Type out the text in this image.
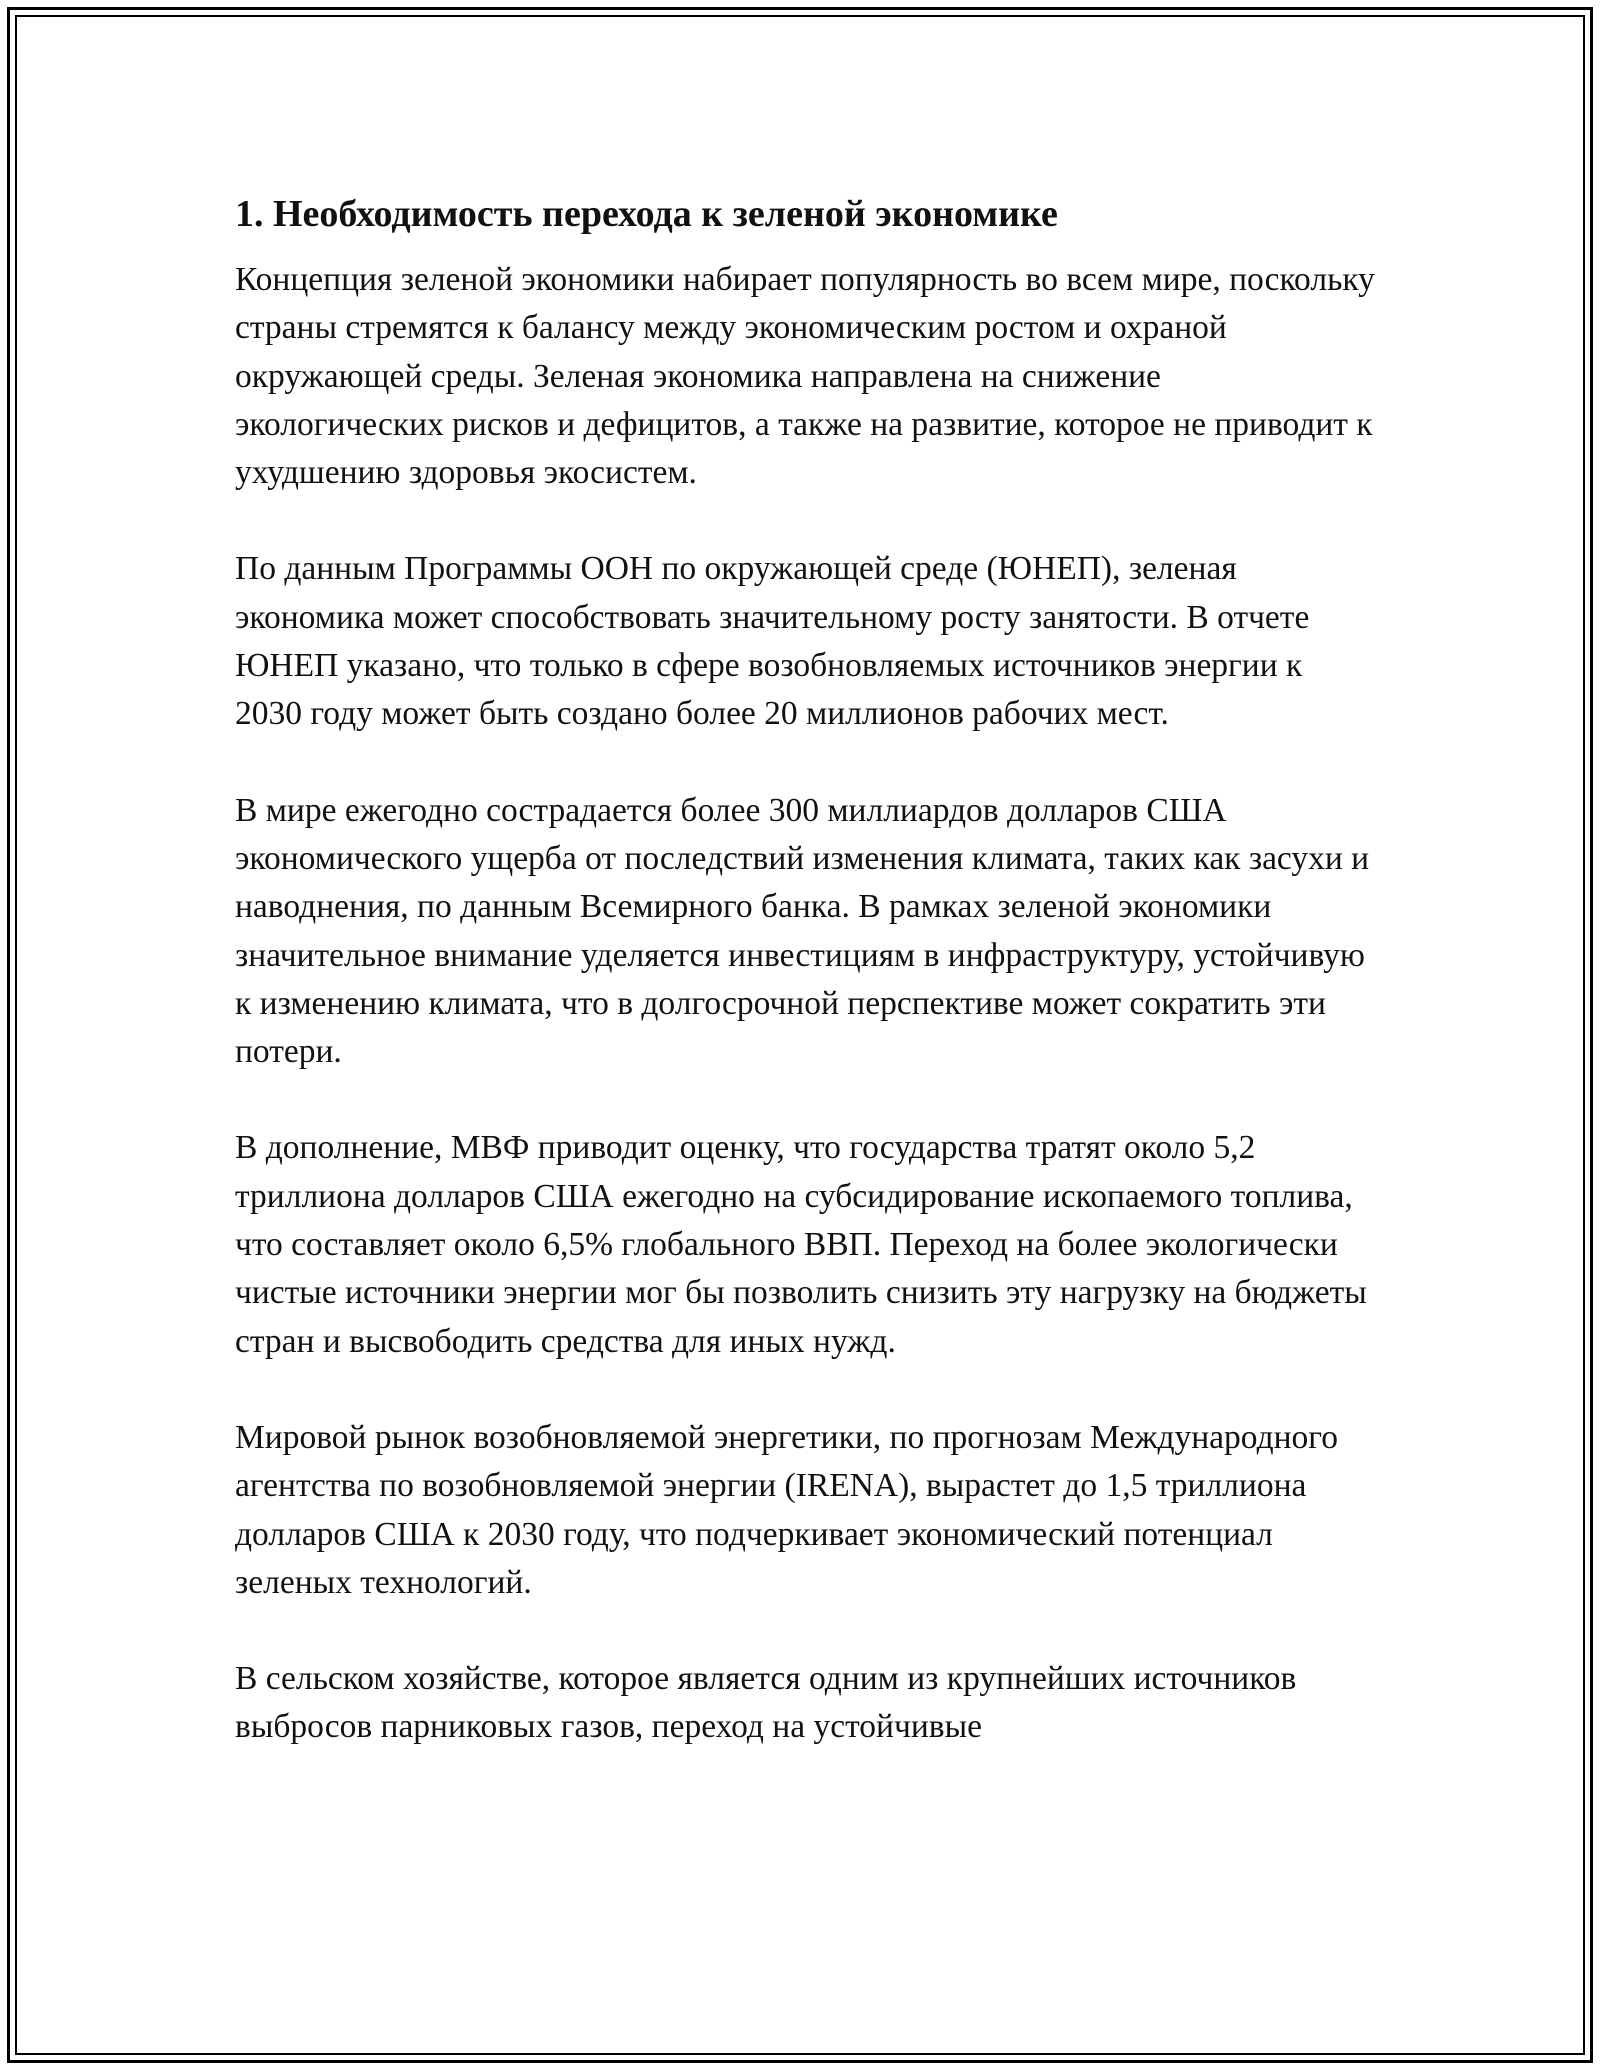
1. Необходимость перехода к зеленой экономике

Концепция зеленой экономики набирает популярность во всем мире, поскольку страны стремятся к балансу между экономическим ростом и охраной окружающей среды. Зеленая экономика направлена на снижение экологических рисков и дефицитов, а также на развитие, которое не приводит к ухудшению здоровья экосистем.

По данным Программы ООН по окружающей среде (ЮНЕП), зеленая экономика может способствовать значительному росту занятости. В отчете ЮНЕП указано, что только в сфере возобновляемых источников энергии к 2030 году может быть создано более 20 миллионов рабочих мест.

В мире ежегодно сострадается более 300 миллиардов долларов США экономического ущерба от последствий изменения климата, таких как засухи и наводнения, по данным Всемирного банка. В рамках зеленой экономики значительное внимание уделяется инвестициям в инфраструктуру, устойчивую к изменению климата, что в долгосрочной перспективе может сократить эти потери.

В дополнение, МВФ приводит оценку, что государства тратят около 5,2 триллиона долларов США ежегодно на субсидирование ископаемого топлива, что составляет около 6,5% глобального ВВП. Переход на более экологически чистые источники энергии мог бы позволить снизить эту нагрузку на бюджеты стран и высвободить средства для иных нужд.

Мировой рынок возобновляемой энергетики, по прогнозам Международного агентства по возобновляемой энергии (IRENA), вырастет до 1,5 триллиона долларов США к 2030 году, что подчеркивает экономический потенциал зеленых технологий.

В сельском хозяйстве, которое является одним из крупнейших источников выбросов парниковых газов, переход на устойчивые
